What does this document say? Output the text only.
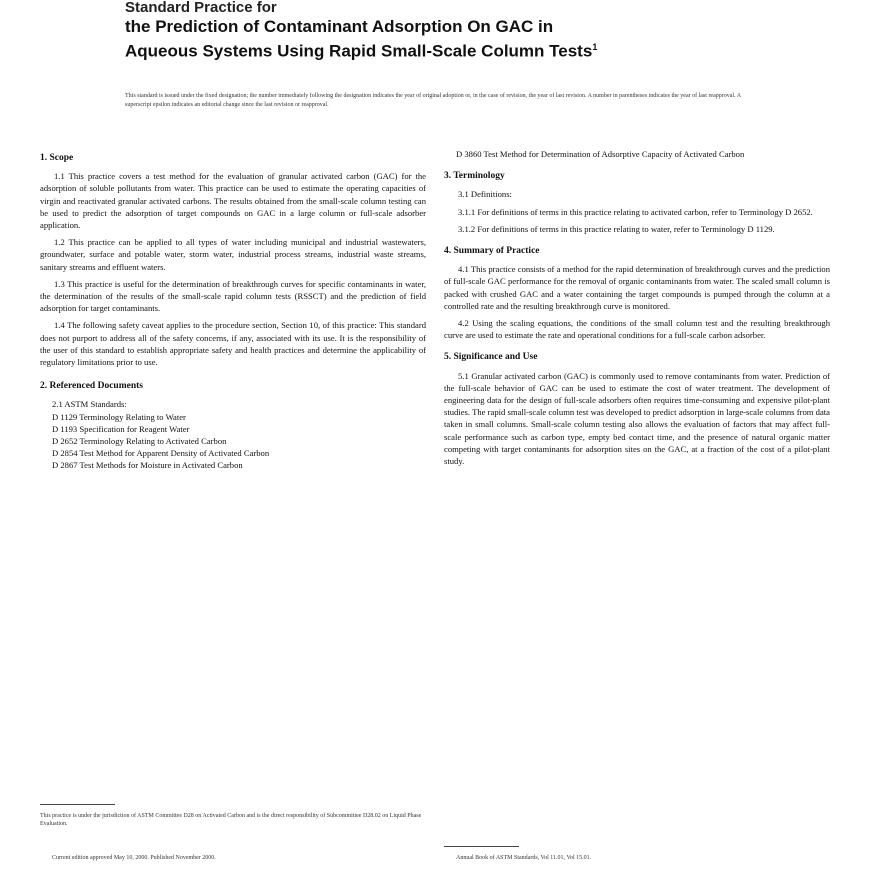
Standard Practice for
the Prediction of Contaminant Adsorption On GAC in
Aqueous Systems Using Rapid Small-Scale Column Tests$^1$
This standard is issued under the fixed designation; the number immediately following the designation indicates the year of original adoption or, in the case of revision, the year of last revision. A number in parentheses indicates the year of last reapproval. A superscript epsilon indicates an editorial change since the last revision or reapproval.
1. Scope
1.1 This practice covers a test method for the evaluation of granular activated carbon (GAC) for the adsorption of soluble pollutants from water. This practice can be used to estimate the operating capacities of virgin and reactivated granular activated carbons. The results obtained from the small-scale column testing can be used to predict the adsorption of target compounds on GAC in a large column or full-scale adsorber application.
1.2 This practice can be applied to all types of water including municipal and industrial wastewaters, groundwater, surface and potable water, storm water, industrial process streams, industrial waste streams, sanitary streams and effluent waters.
1.3 This practice is useful for the determination of breakthrough curves for specific contaminants in water, the determination of the results of the small-scale rapid column tests (RSSCT) and the prediction of field adsorption for target contaminants.
1.4 The following safety caveat applies to the procedure section, Section 10, of this practice: This standard does not purport to address all of the safety concerns, if any, associated with its use. It is the responsibility of the user of this standard to establish appropriate safety and health practices and determine the applicability of regulatory limitations prior to use.
2. Referenced Documents
2.1 ASTM Standards:
D 1129 Terminology Relating to Water
D 1193 Specification for Reagent Water
D 2652 Terminology Relating to Activated Carbon
D 2854 Test Method for Apparent Density of Activated Carbon
D 2867 Test Methods for Moisture in Activated Carbon
D 3860 Test Method for Determination of Adsorptive Capacity of Activated Carbon
3. Terminology
3.1 Definitions:
3.1.1 For definitions of terms in this practice relating to activated carbon, refer to Terminology D 2652.
3.1.2 For definitions of terms in this practice relating to water, refer to Terminology D 1129.
4. Summary of Practice
4.1 This practice consists of a method for the rapid determination of breakthrough curves and the prediction of full-scale GAC performance for the removal of organic contaminants from water. The scaled small column is packed with crushed GAC and a water containing the target compounds is pumped through the column at a controlled rate and the resulting breakthrough curve is monitored.
4.2 Using the scaling equations, the conditions of the small column test and the resulting breakthrough curve are used to estimate the rate and operational conditions for a full-scale carbon adsorber.
5. Significance and Use
5.1 Granular activated carbon (GAC) is commonly used to remove contaminants from water. Prediction of the full-scale behavior of GAC can be used to estimate the cost of water treatment. The development of engineering data for the design of full-scale adsorbers often requires time-consuming and expensive pilot-plant studies. The rapid small-scale column test was developed to predict adsorption in large-scale columns from data taken in small columns. Small-scale column testing also allows the evaluation of factors that may affect full-scale performance such as carbon type, empty bed contact time, and the presence of natural organic matter competing with target contaminants for adsorption sites on the GAC, at a fraction of the cost of a pilot-plant study.
This practice is under the jurisdiction of ASTM Committee D28 on Activated Carbon and is the direct responsibility of Subcommittee D28.02 on Liquid Phase Evaluation.
Current edition approved May 10, 2000. Published November 2000.	Annual Book of ASTM Standards, Vol 11.01, Vol 15.01.
